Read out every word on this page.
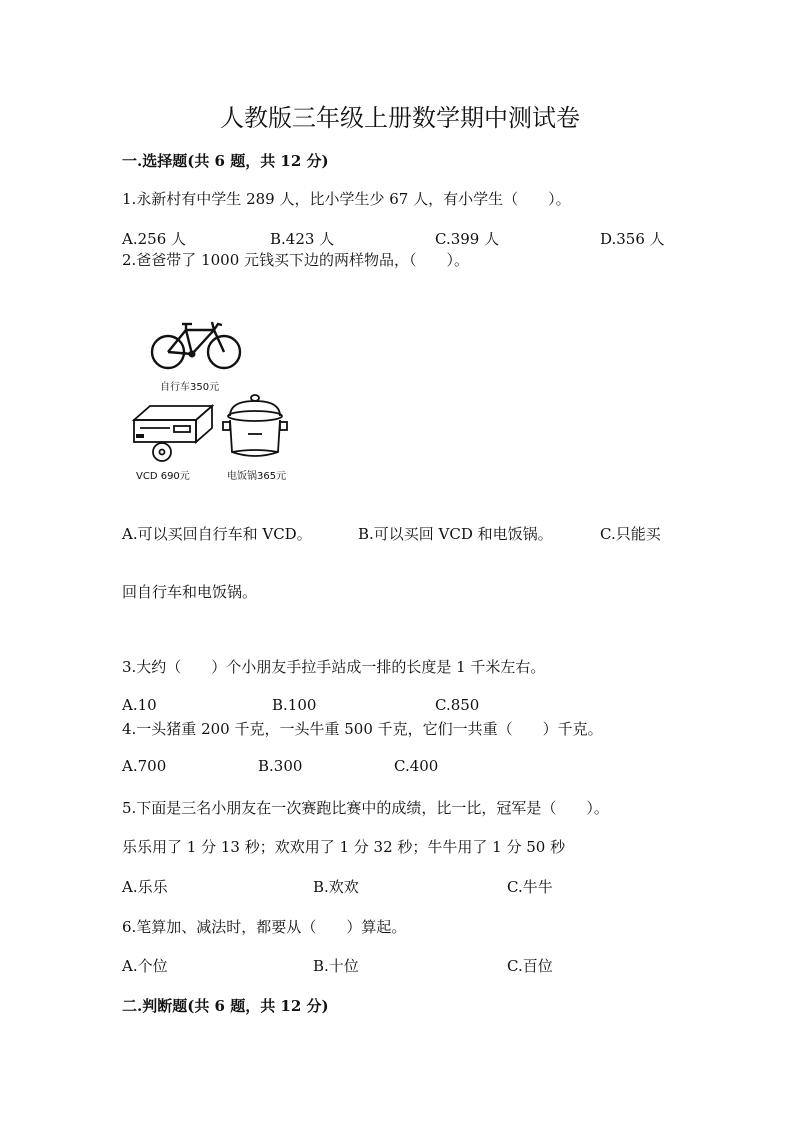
人教版三年级上册数学期中测试卷
一.选择题(共 6 题，共 12 分)
1.永新村有中学生 289 人，比小学生少 67 人，有小学生（　　）。
A.256 人	B.423 人	C.399 人	D.356 人
2.爸爸带了 1000 元钱买下边的两样物品，（　　）。
自行车350元
VCD 690元	电饭锅365元
A.可以买回自行车和 VCD。	B.可以买回 VCD 和电饭锅。	C.只能买
回自行车和电饭锅。
3.大约（　　）个小朋友手拉手站成一排的长度是 1 千米左右。
A.10	B.100	C.850
4.一头猪重 200 千克，一头牛重 500 千克，它们一共重（　　）千克。
A.700	B.300	C.400
5.下面是三名小朋友在一次赛跑比赛中的成绩，比一比，冠军是（　　）。
乐乐用了 1 分 13 秒；欢欢用了 1 分 32 秒；牛牛用了 1 分 50 秒
A.乐乐	B.欢欢	C.牛牛
6.笔算加、减法时，都要从（　　）算起。
A.个位	B.十位	C.百位
二.判断题(共 6 题，共 12 分)
